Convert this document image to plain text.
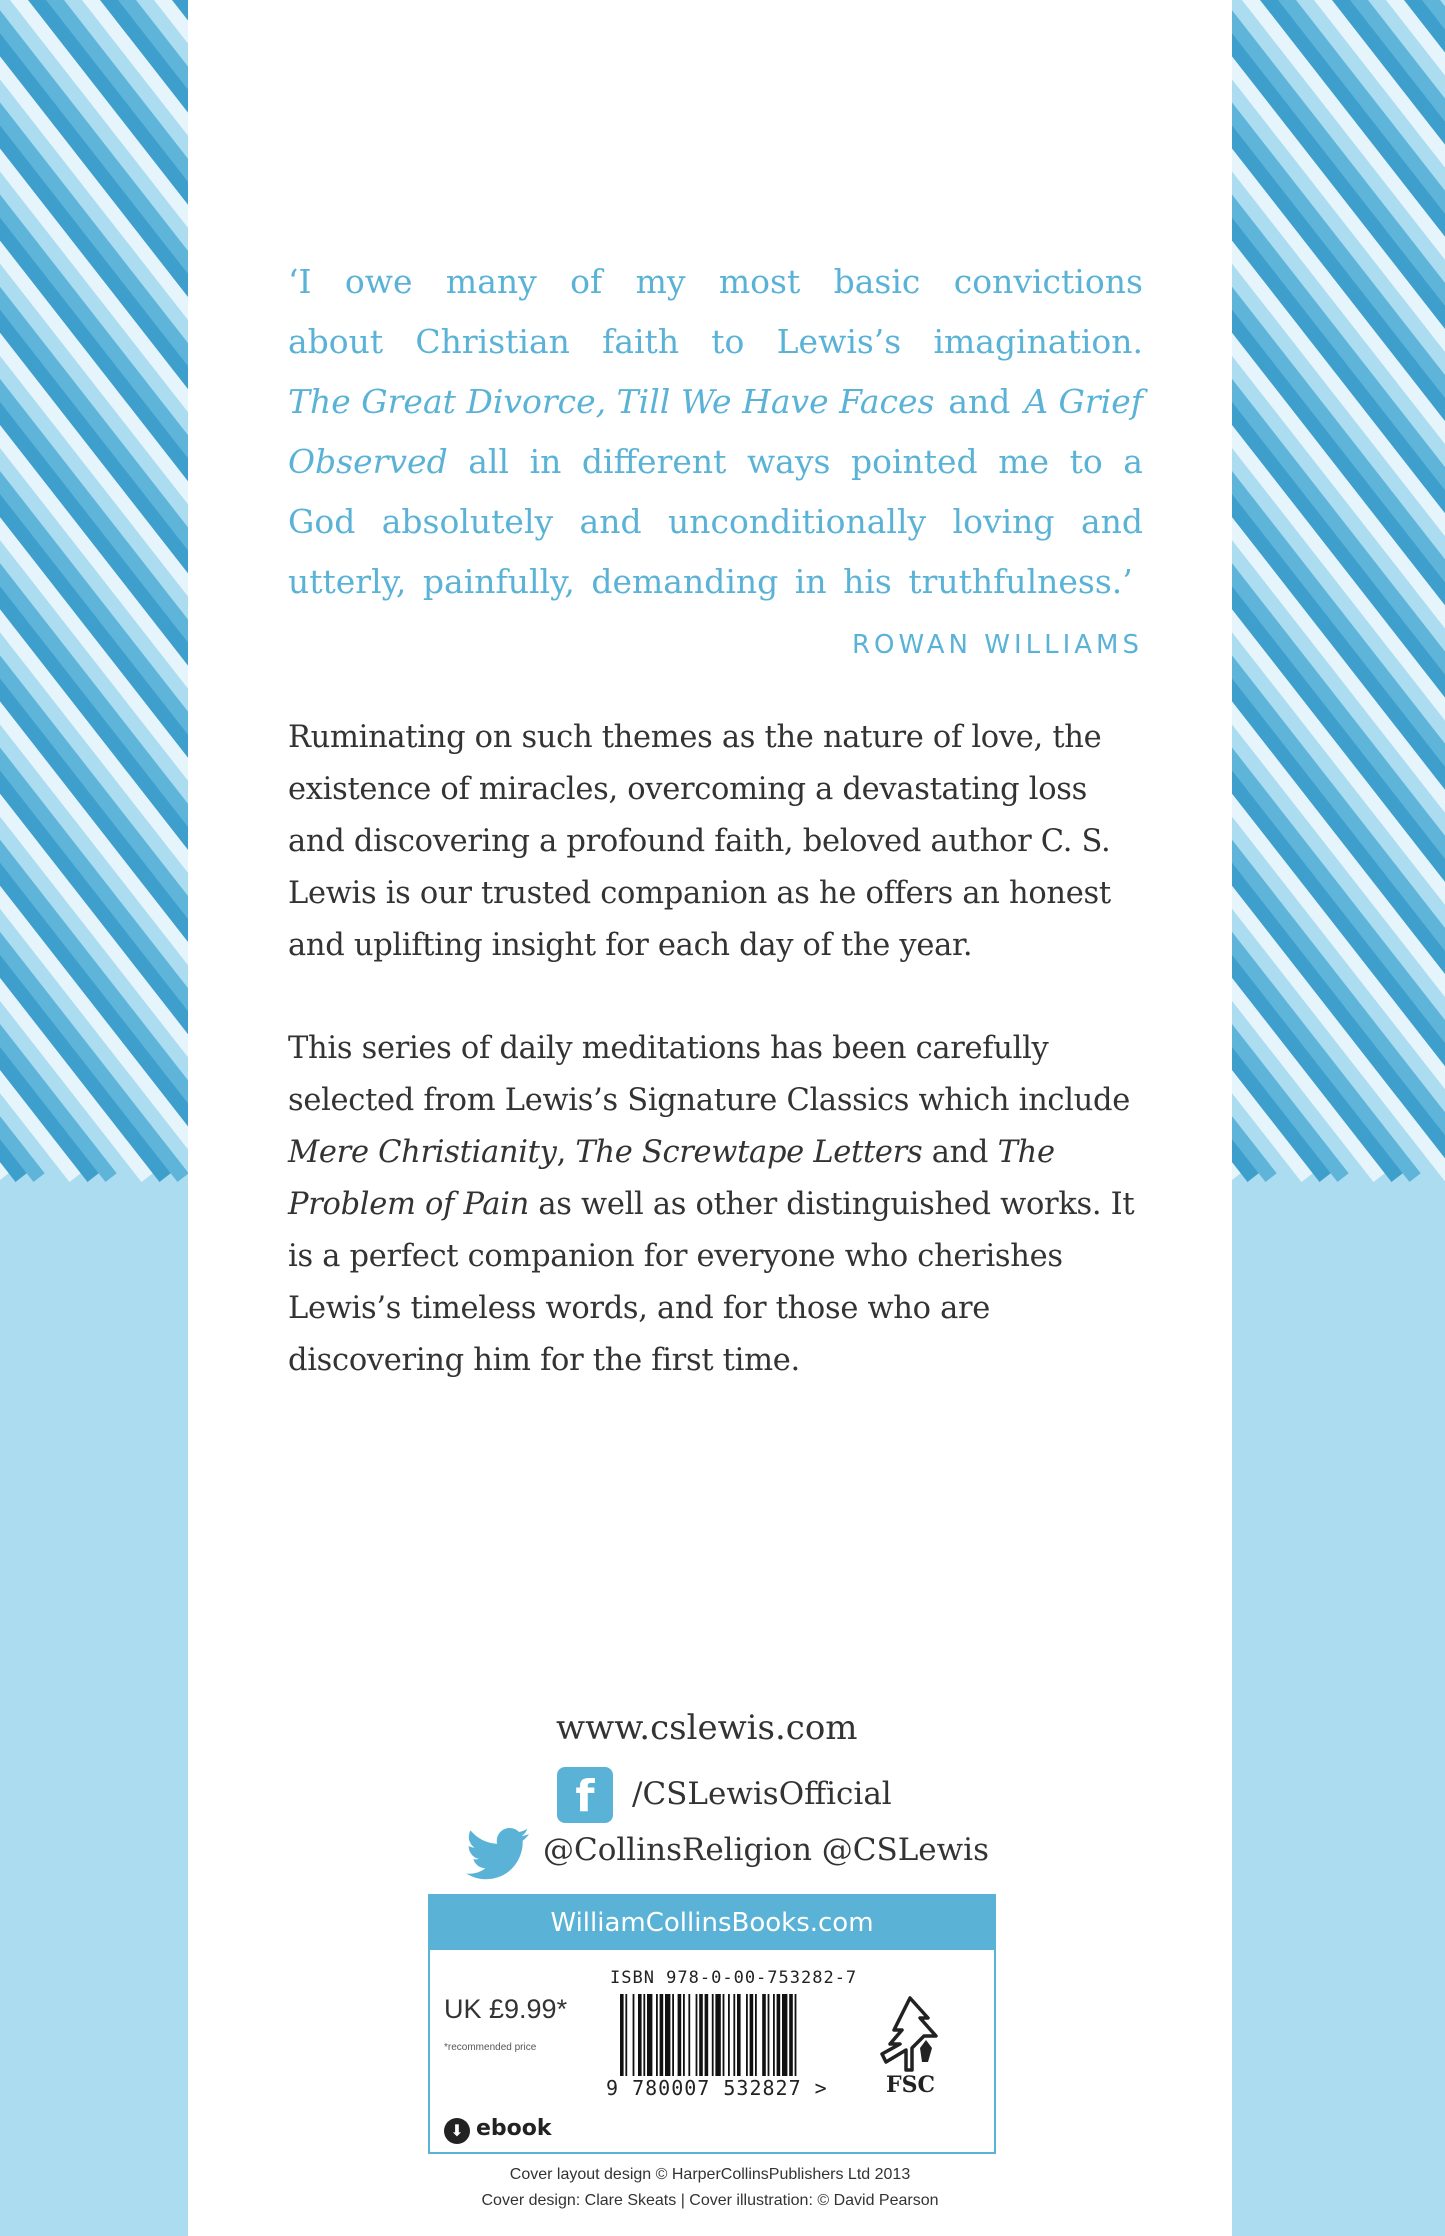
‘I owe many of my most basic convictions
about Christian faith to Lewis’s imagination.
The Great Divorce, Till We Have Faces and A Grief
Observed all in different ways pointed me to a
God absolutely and unconditionally loving and
utterly,
painfully,
demanding
in
his
truthfulness.’
ROWAN WILLIAMS

Ruminating on such themes as the nature of love, the existence of miracles, overcoming a devastating loss and discovering a profound faith, beloved author C. S. Lewis is our trusted companion as he offers an honest and uplifting insight for each day of the year.

This series of daily meditations has been carefully selected from Lewis’s Signature Classics which include Mere Christianity, The Screwtape Letters and The Problem of Pain as well as other distinguished works. It is a perfect companion for everyone who cherishes Lewis’s timeless words, and for those who are discovering him for the first time.

www.cslewis.com
f	/CSLewisOfficial
@CollinsReligion @CSLewis
WilliamCollinsBooks.com
UK £9.99*
*recommended price
ISBN 978-0-00-753282-7
9 780007 532827 >	FSC
⬇ ebook
Cover layout design © HarperCollinsPublishers Ltd 2013
Cover design: Clare Skeats | Cover illustration: © David Pearson
